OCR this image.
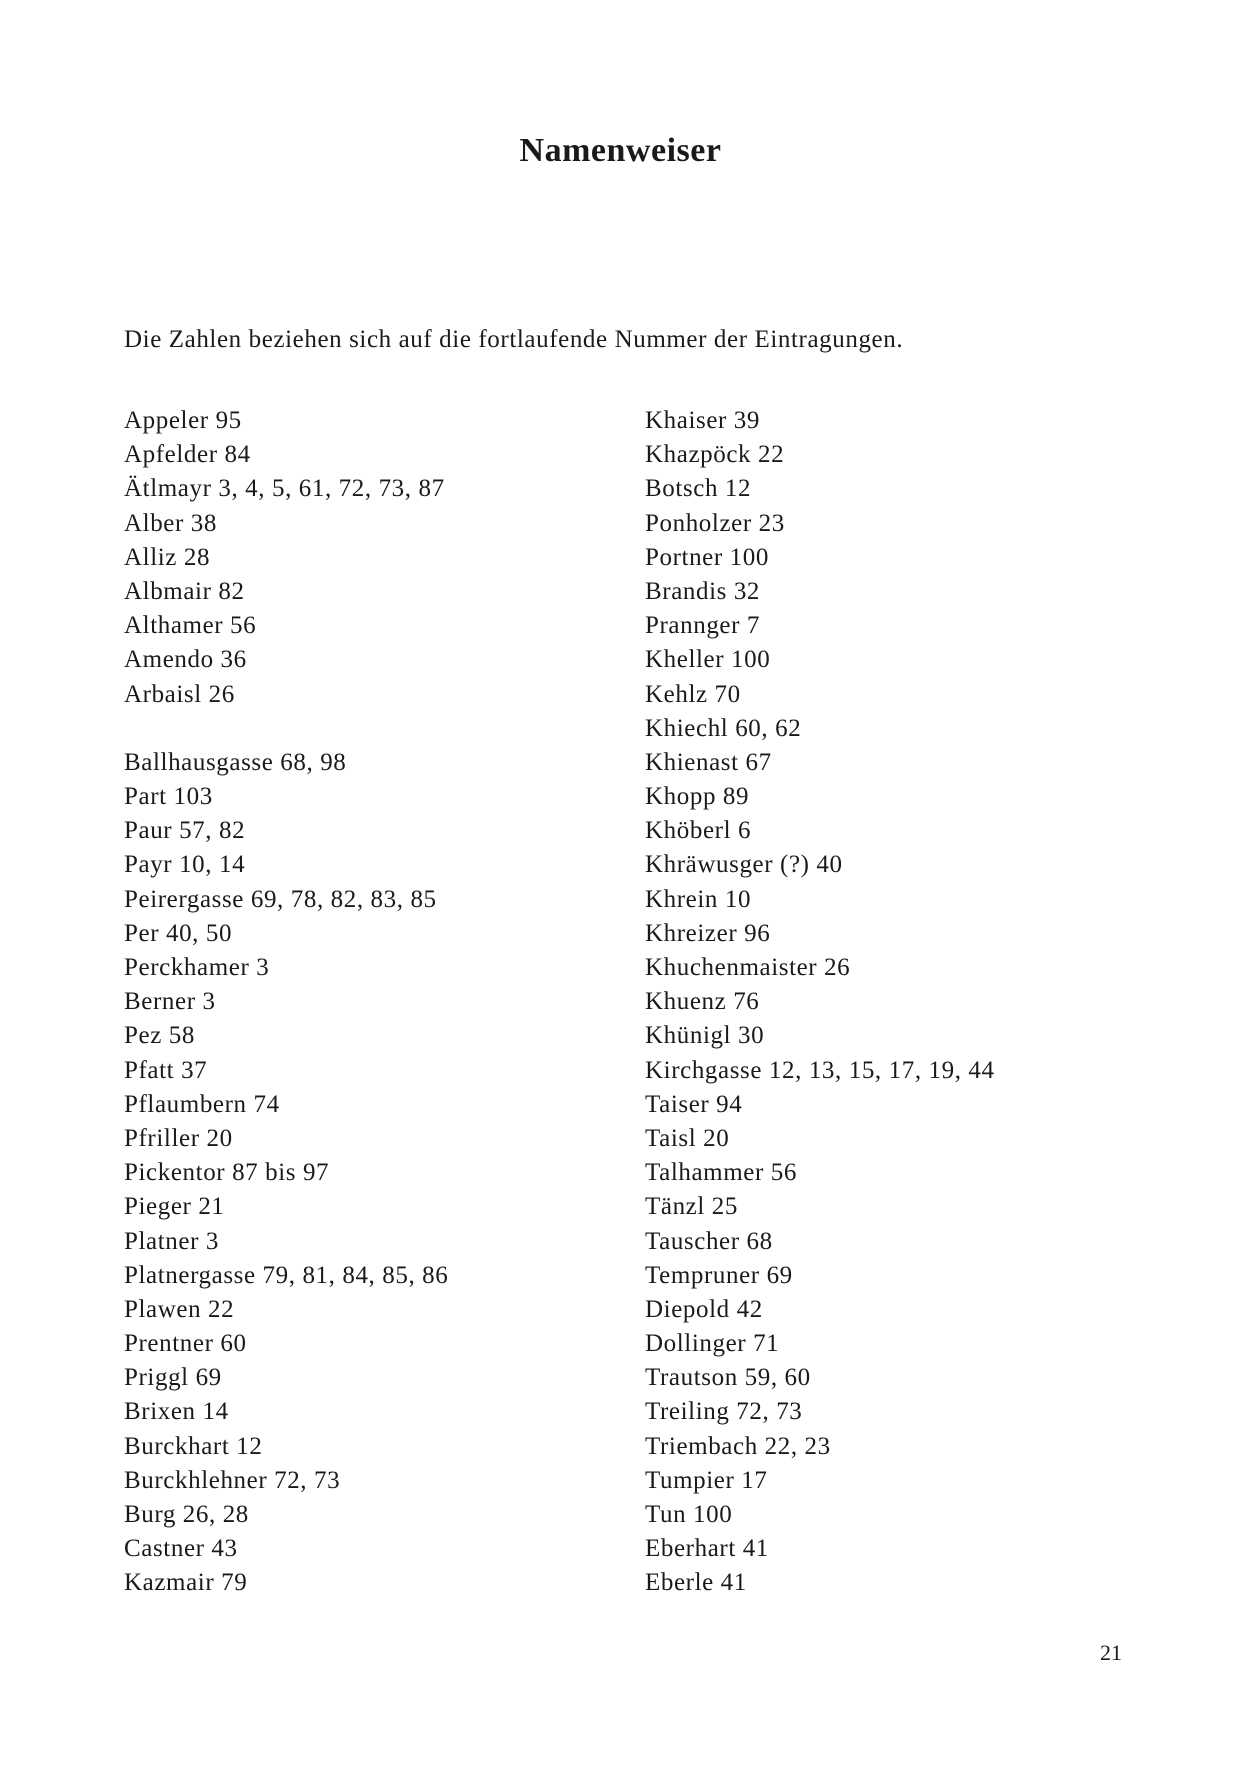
Namenweiser

Die Zahlen beziehen sich auf die fortlaufende Nummer der Eintragungen.

Appeler 95
Apfelder 84
Ätlmayr 3, 4, 5, 61, 72, 73, 87
Alber 38
Alliz 28
Albmair 82
Althamer 56
Amendo 36
Arbaisl 26
Ballhausgasse 68, 98
Part 103
Paur 57, 82
Payr 10, 14
Peirergasse 69, 78, 82, 83, 85
Per 40, 50
Perckhamer 3
Berner 3
Pez 58
Pfatt 37
Pflaumbern 74
Pfriller 20
Pickentor 87 bis 97
Pieger 21
Platner 3
Platnergasse 79, 81, 84, 85, 86
Plawen 22
Prentner 60
Priggl 69
Brixen 14
Burckhart 12
Burckhlehner 72, 73
Burg 26, 28
Castner 43
Kazmair 79
Khaiser 39
Khazpöck 22
Botsch 12
Ponholzer 23
Portner 100
Brandis 32
Prannger 7
Kheller 100
Kehlz 70
Khiechl 60, 62
Khienast 67
Khopp 89
Khöberl 6
Khräwusger (?) 40
Khrein 10
Khreizer 96
Khuchenmaister 26
Khuenz 76
Khünigl 30
Kirchgasse 12, 13, 15, 17, 19, 44
Taiser 94
Taisl 20
Talhammer 56
Tänzl 25
Tauscher 68
Tempruner 69
Diepold 42
Dollinger 71
Trautson 59, 60
Treiling 72, 73
Triembach 22, 23
Tumpier 17
Tun 100
Eberhart 41
Eberle 41

21
